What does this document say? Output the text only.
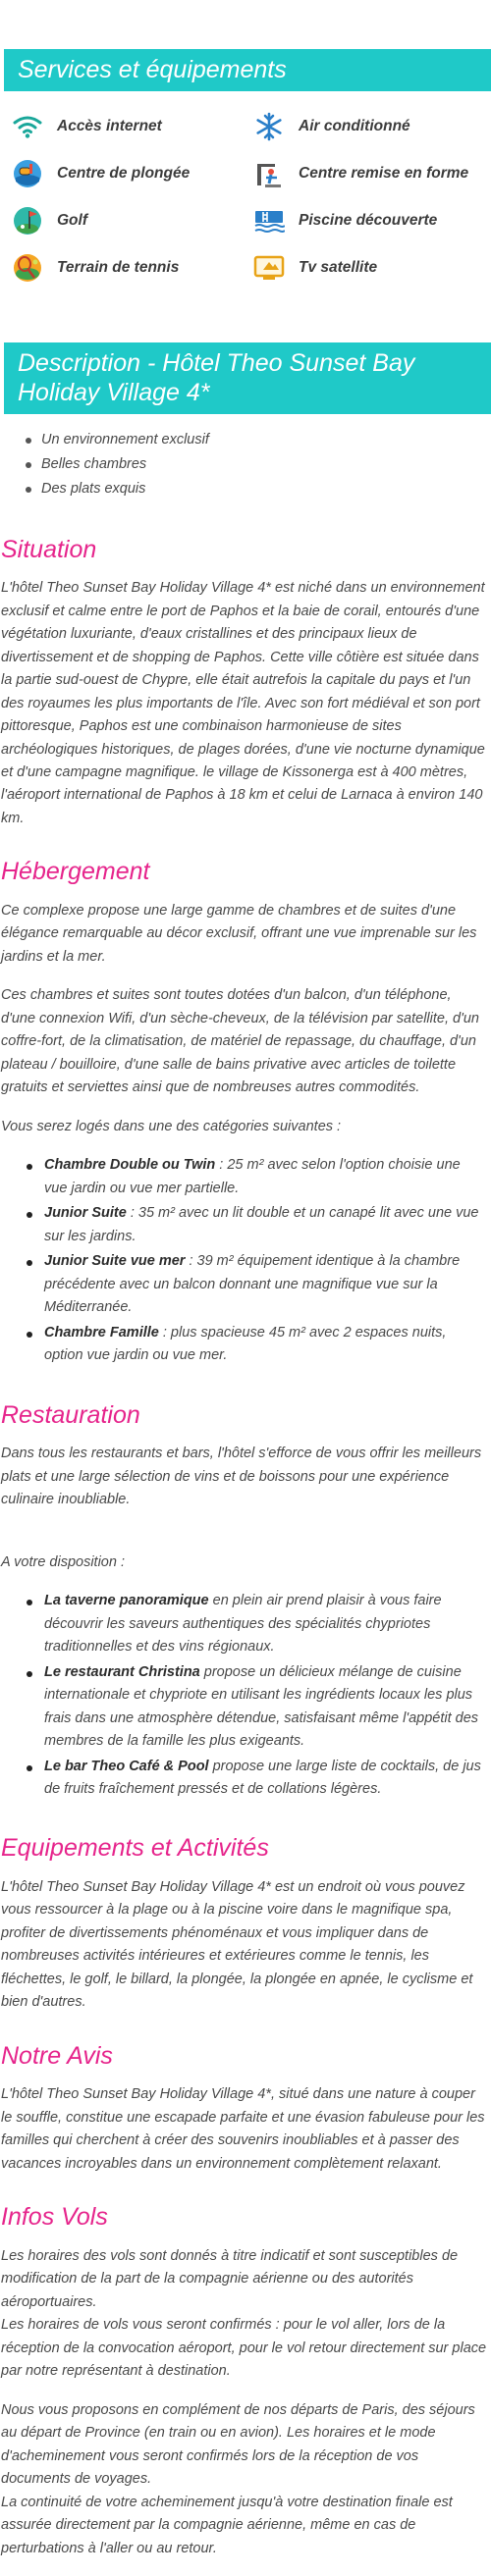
Services et équipements
Accès internet	Air conditionné
Centre de plongée	Centre remise en forme
Golf	Piscine découverte
Terrain de tennis	Tv satellite
Description - Hôtel Theo Sunset Bay Holiday Village 4*
Un environnement exclusif
Belles chambres
Des plats exquis
Situation

L'hôtel Theo Sunset Bay Holiday Village 4* est niché dans un environnement exclusif et calme entre le port de Paphos et la baie de corail, entourés d'une végétation luxuriante, d'eaux cristallines et des principaux lieux de divertissement et de shopping de Paphos. Cette ville côtière est située dans la partie sud-ouest de Chypre, elle était autrefois la capitale du pays et l'un des royaumes les plus importants de l'île. Avec son fort médiéval et son port pittoresque, Paphos est une combinaison harmonieuse de sites archéologiques historiques, de plages dorées, d'une vie nocturne dynamique et d'une campagne magnifique. le village de Kissonerga est à 400 mètres, l'aéroport international de Paphos à 18 km et celui de Larnaca à environ 140 km.

Hébergement

Ce complexe propose une large gamme de chambres et de suites d'une élégance remarquable au décor exclusif, offrant une vue imprenable sur les jardins et la mer.

Ces chambres et suites sont toutes dotées d'un balcon, d'un téléphone, d'une connexion Wifi, d'un sèche-cheveux, de la télévision par satellite, d'un coffre-fort, de la climatisation, de matériel de repassage, du chauffage, d'un plateau / bouilloire, d'une salle de bains privative avec articles de toilette gratuits et serviettes ainsi que de nombreuses autres commodités.

Vous serez logés dans une des catégories suivantes :

Chambre Double ou Twin : 25 m² avec selon l'option choisie une vue jardin ou vue mer partielle.
Junior Suite : 35 m² avec un lit double et un canapé lit avec une vue sur les jardins.
Junior Suite vue mer : 39 m² équipement identique à la chambre précédente avec un balcon donnant une magnifique vue sur la Méditerranée.
Chambre Famille : plus spacieuse 45 m² avec 2 espaces nuits, option vue jardin ou vue mer.
Restauration

Dans tous les restaurants et bars, l'hôtel s'efforce de vous offrir les meilleurs plats et une large sélection de vins et de boissons pour une expérience culinaire inoubliable.

A votre disposition :

La taverne panoramique en plein air prend plaisir à vous faire découvrir les saveurs authentiques des spécialités chypriotes traditionnelles et des vins régionaux.
Le restaurant Christina propose un délicieux mélange de cuisine internationale et chypriote en utilisant les ingrédients locaux les plus frais dans une atmosphère détendue, satisfaisant même l'appétit des membres de la famille les plus exigeants.
Le bar Theo Café & Pool propose une large liste de cocktails, de jus de fruits fraîchement pressés et de collations légères.
Equipements et Activités

L'hôtel Theo Sunset Bay Holiday Village 4* est un endroit où vous pouvez vous ressourcer à la plage ou à la piscine voire dans le magnifique spa, profiter de divertissements phénoménaux et vous impliquer dans de nombreuses activités intérieures et extérieures comme le tennis, les fléchettes, le golf, le billard, la plongée, la plongée en apnée, le cyclisme et bien d'autres.

Notre Avis

L'hôtel Theo Sunset Bay Holiday Village 4*, situé dans une nature à couper le souffle, constitue une escapade parfaite et une évasion fabuleuse pour les familles qui cherchent à créer des souvenirs inoubliables et à passer des vacances incroyables dans un environnement complètement relaxant.

Infos Vols

Les horaires des vols sont donnés à titre indicatif et sont susceptibles de modification de la part de la compagnie aérienne ou des autorités aéroportuaires.
Les horaires de vols vous seront confirmés : pour le vol aller, lors de la réception de la convocation aéroport, pour le vol retour directement sur place par notre représentant à destination.

Nous vous proposons en complément de nos départs de Paris, des séjours au départ de Province (en train ou en avion). Les horaires et le mode d'acheminement vous seront confirmés lors de la réception de vos documents de voyages.
La continuité de votre acheminement jusqu'à votre destination finale est assurée directement par la compagnie aérienne, même en cas de perturbations à l'aller ou au retour.
